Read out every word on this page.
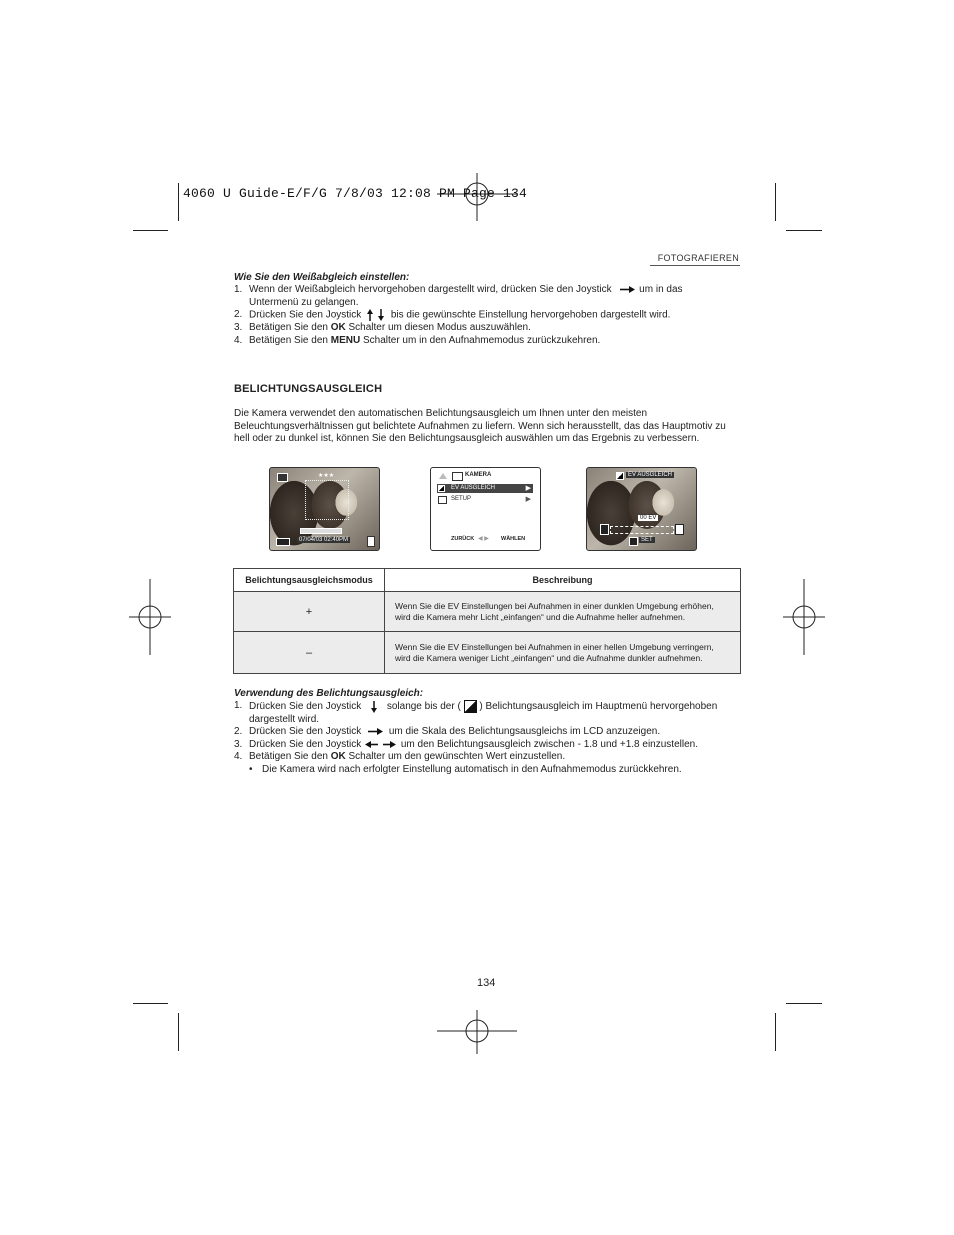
4060 U Guide-E/F/G 7/8/03 12:08 PM Page 134
FOTOGRAFIEREN
Wie Sie den Weißabgleich einstellen:
1. Wenn der Weißabgleich hervorgehoben dargestellt wird, drücken Sie den Joystick	um in das
Untermenü zu gelangen.
2. Drücken Sie den Joystick	bis die gewünschte Einstellung hervorgehoben dargestellt wird.
3. Betätigen Sie den OK Schalter um diesen Modus auszuwählen.
4. Betätigen Sie den MENU Schalter um in den Aufnahmemodus zurückzukehren.
BELICHTUNGSAUSGLEICH
Die Kamera verwendet den automatischen Belichtungsausgleich um Ihnen unter den meisten Beleuchtungsverhältnissen gut belichtete Aufnahmen zu liefern. Wenn sich herausstellt, das das Hauptmotiv zu hell oder zu dunkel ist, können Sie den Belichtungsausgleich auswählen um das Ergebnis zu verbessern.
★★★
07/04/03 02:40PM
KAMERA
EV AUSGLEICH	▶
SETUP	▶
ZURÜCK ◀ ▶ WÄHLEN
EV AUSGLEICH
00 EV
SET
Belichtungsausgleichsmodus	Beschreibung
+	Wenn Sie die EV Einstellungen bei Aufnahmen in einer dunklen Umgebung erhöhen, wird die Kamera mehr Licht „einfangen“ und die Aufnahme heller aufnehmen.
–	Wenn Sie die EV Einstellungen bei Aufnahmen in einer hellen Umgebung verringern, wird die Kamera weniger Licht „einfangen“ und die Aufnahme dunkler aufnehmen.
Verwendung des Belichtungsausgleich:
1. Drücken Sie den Joystick	solange bis der ( ) Belichtungsausgleich im Hauptmenü hervorgehoben
dargestellt wird.
2. Drücken Sie den Joystick	um die Skala des Belichtungsausgleichs im LCD anzuzeigen.
3. Drücken Sie den Joystick	um den Belichtungsausgleich zwischen - 1.8 und +1.8 einzustellen.
4. Betätigen Sie den OK Schalter um den gewünschten Wert einzustellen.
• Die Kamera wird nach erfolgter Einstellung automatisch in den Aufnahmemodus zurückkehren.
134
